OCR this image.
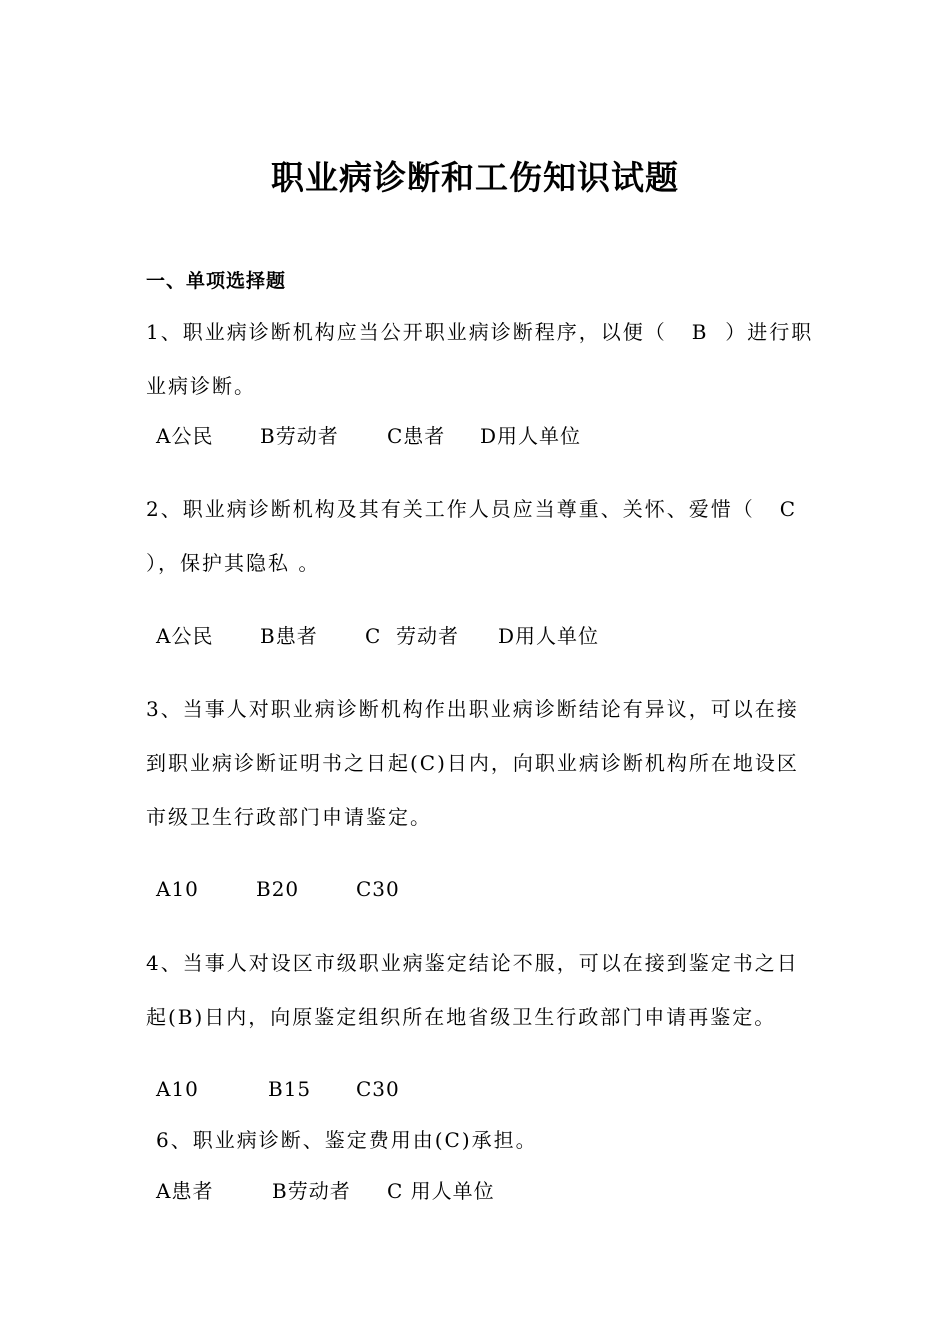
职业病诊断和工伤知识试题
一、单项选择题
1、职业病诊断机构应当公开职业病诊断程序，以便（   B  ）进行职
业病诊断。
A公民 B劳动者 C患者 D用人单位
2、职业病诊断机构及其有关工作人员应当尊重、关怀、爱惜（   C
），保护其隐私 。
A公民 B患者 C  劳动者 D用人单位
3、当事人对职业病诊断机构作出职业病诊断结论有异议，可以在接
到职业病诊断证明书之日起(C)日内，向职业病诊断机构所在地设区
市级卫生行政部门申请鉴定。
A10	B20	C30
4、当事人对设区市级职业病鉴定结论不服，可以在接到鉴定书之日
起(B)日内，向原鉴定组织所在地省级卫生行政部门申请再鉴定。
A10	B15 C30
6、职业病诊断、鉴定费用由(C)承担。
A患者	B劳动者 C 用人单位
